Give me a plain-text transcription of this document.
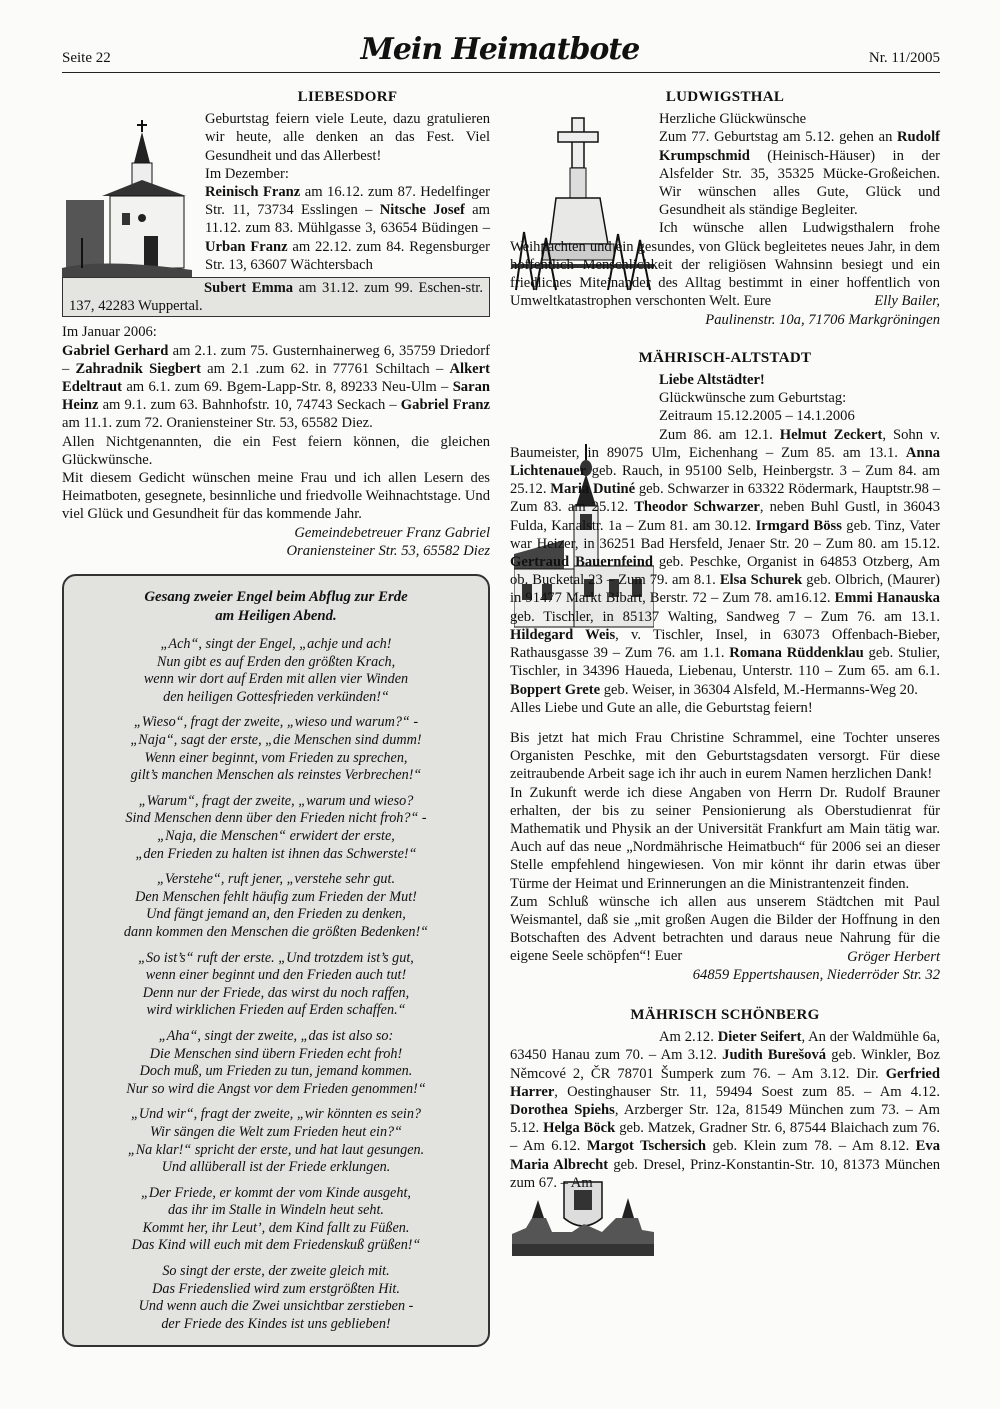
Seite 22	Mein Heimatbote	Nr. 11/2005
LIEBESDORF

Geburtstag feiern viele Leute, dazu gratulieren wir heute, alle denken an das Fest. Viel Gesundheit und das Allerbest!

Im Dezember:

Reinisch Franz am 16.12. zum 87. Hedelfinger Str. 11, 73734 Esslingen – Nitsche Josef am 11.12. zum 83. Mühlgasse 3, 63654 Büdingen – Urban Franz am 22.12. zum 84. Regensburger Str. 13, 63607 Wächtersbach

Subert Emma am 31.12. zum 99. Eschen-str. 137, 42283 Wuppertal.

Im Januar 2006:

Gabriel Gerhard am 2.1. zum 75. Gusternhainerweg 6, 35759 Driedorf – Zahradnik Siegbert am 2.1 .zum 62. in 77761 Schiltach – Alkert Edeltraut am 6.1. zum 69. Bgem-Lapp-Str. 8, 89233 Neu-Ulm – Saran Heinz am 9.1. zum 63. Bahnhofstr. 10, 74743 Seckach – Gabriel Franz am 11.1. zum 72. Oraniensteiner Str. 53, 65582 Diez.

Allen Nichtgenannten, die ein Fest feiern können, die gleichen Glückwünsche.

Mit diesem Gedicht wünschen meine Frau und ich allen Lesern des Heimatboten, gesegnete, besinnliche und friedvolle Weihnachtstage. Und viel Glück und Gesundheit für das kommende Jahr.

Gemeindebetreuer Franz Gabriel

Oraniensteiner Str. 53, 65582 Diez

Gesang zweier Engel beim Abflug zur Erde
am Heiligen Abend.
„Ach“, singt der Engel, „achje und ach!
Nun gibt es auf Erden den größten Krach,
wenn wir dort auf Erden mit allen vier Winden
den heiligen Gottesfrieden verkünden!“
„Wieso“, fragt der zweite, „wieso und warum?“ -
„Naja“, sagt der erste, „die Menschen sind dumm!
Wenn einer beginnt, vom Frieden zu sprechen,
gilt’s manchen Menschen als reinstes Verbrechen!“
„Warum“, fragt der zweite, „warum und wieso?
Sind Menschen denn über den Frieden nicht froh?“ -
„Naja, die Menschen“ erwidert der erste,
„den Frieden zu halten ist ihnen das Schwerste!“
„Verstehe“, ruft jener, „verstehe sehr gut.
Den Menschen fehlt häufig zum Frieden der Mut!
Und fängt jemand an, den Frieden zu denken,
dann kommen den Menschen die größten Bedenken!“
„So ist’s“ ruft der erste. „Und trotzdem ist’s gut,
wenn einer beginnt und den Frieden auch tut!
Denn nur der Friede, das wirst du noch raffen,
wird wirklichen Frieden auf Erden schaffen.“
„Aha“, singt der zweite, „das ist also so:
Die Menschen sind übern Frieden echt froh!
Doch muß, um Frieden zu tun, jemand kommen.
Nur so wird die Angst vor dem Frieden genommen!“
„Und wir“, fragt der zweite, „wir könnten es sein?
Wir sängen die Welt zum Frieden heut ein?“
„Na klar!“ spricht der erste, und hat laut gesungen.
Und allüberall ist der Friede erklungen.
„Der Friede, er kommt der vom Kinde ausgeht,
das ihr im Stalle in Windeln heut seht.
Kommt her, ihr Leut’, dem Kind fallt zu Füßen.
Das Kind will euch mit dem Friedenskuß grüßen!“
So singt der erste, der zweite gleich mit.
Das Friedenslied wird zum erstgrößten Hit.
Und wenn auch die Zwei unsichtbar zerstieben -
der Friede des Kindes ist uns geblieben!
LUDWIGSTHAL

Herzliche Glückwünsche

Zum 77. Geburtstag am 5.12. gehen an Rudolf Krumpschmid (Heinisch-Häuser) in der Alsfelder Str. 35, 35325 Mücke-Großeichen. Wir wünschen alles Gute, Glück und Gesundheit als ständige Begleiter.

Ich wünsche allen Ludwigsthalern frohe Weihnachten und ein gesundes, von Glück begleitetes neues Jahr, in dem hoffentlich Menschlichkeit der religiösen Wahnsinn besiegt und ein friedliches Miteinander des Alltag bestimmt in einer hoffentlich von Umweltkatastrophen verschonten Welt. Eure	Elly Bailer,

Paulinenstr. 10a, 71706 Markgröningen

MÄHRISCH-ALTSTADT

Liebe Altstädter!

Glückwünsche zum Geburtstag:

Zeitraum 15.12.2005 – 14.1.2006

Zum 86. am 12.1. Helmut Zeckert, Sohn v. Baumeister, in 89075 Ulm, Eichenhang – Zum 85. am 13.1. Anna Lichtenauer geb. Rauch, in 95100 Selb, Heinbergstr. 3 – Zum 84. am 25.12. Maria Dutiné geb. Schwarzer in 63322 Rödermark, Hauptstr.98 – Zum 83. am 25.12. Theodor Schwarzer, neben Buhl Gustl, in 36043 Fulda, Kanalstr. 1a – Zum 81. am 30.12. Irmgard Böss geb. Tinz, Vater war Heizer, in 36251 Bad Hersfeld, Jenaer Str. 20 – Zum 80. am 15.12. Gertraud Bauernfeind geb. Peschke, Organist in 64853 Otzberg, Am ob. Bucketal 23 – Zum 79. am 8.1. Elsa Schurek geb. Olbrich, (Maurer) in 91477 Markt Bibart, Berstr. 72 – Zum 78. am16.12. Emmi Hanauska geb. Tischler, in 85137 Walting, Sandweg 7 – Zum 76. am 13.1. Hildegard Weis, v. Tischler, Insel, in 63073 Offenbach-Bieber, Rathausgasse 39 – Zum 76. am 1.1. Romana Rüddenklau geb. Stulier, Tischler, in 34396 Haueda, Liebenau, Unterstr. 110 – Zum 65. am 6.1. Boppert Grete geb. Weiser, in 36304 Alsfeld, M.-Hermanns-Weg 20.

Alles Liebe und Gute an alle, die Geburtstag feiern!

Bis jetzt hat mich Frau Christine Schrammel, eine Tochter unseres Organisten Peschke, mit den Geburtstagsdaten versorgt. Für diese zeitraubende Arbeit sage ich ihr auch in eurem Namen herzlichen Dank!

In Zukunft werde ich diese Angaben von Herrn Dr. Rudolf Brauner erhalten, der bis zu seiner Pensionierung als Oberstudienrat für Mathematik und Physik an der Universität Frankfurt am Main tätig war. Auch auf das neue „Nordmährische Heimatbuch“ für 2006 sei an dieser Stelle empfehlend hingewiesen. Von mir könnt ihr darin etwas über Türme der Heimat und Erinnerungen an die Ministrantenzeit finden.

Zum Schluß wünsche ich allen aus unserem Städtchen mit Paul Weismantel, daß sie „mit großen Augen die Bilder der Hoffnung in den Botschaften des Advent betrachten und daraus neue Nahrung für die eigene Seele schöpfen“! Euer	Gröger Herbert

64859 Eppertshausen, Niederröder Str. 32

MÄHRISCH SCHÖNBERG

Am 2.12. Dieter Seifert, An der Waldmühle 6a, 63450 Hanau zum 70. – Am 3.12. Judith Burešová geb. Winkler, Boz Němcové 2, ČR 78701 Šumperk zum 76. – Am 3.12. Dir. Gerfried Harrer, Oestinghauser Str. 11, 59494 Soest zum 85. – Am 4.12. Dorothea Spiehs, Arzberger Str. 12a, 81549 München zum 73. – Am 5.12. Helga Böck geb. Matzek, Gradner Str. 6, 87544 Blaichach zum 76. – Am 6.12. Margot Tschersich geb. Klein zum 78. – Am 8.12. Eva Maria Albrecht geb. Dresel, Prinz-Konstantin-Str. 10, 81373 München zum 67. – Am
